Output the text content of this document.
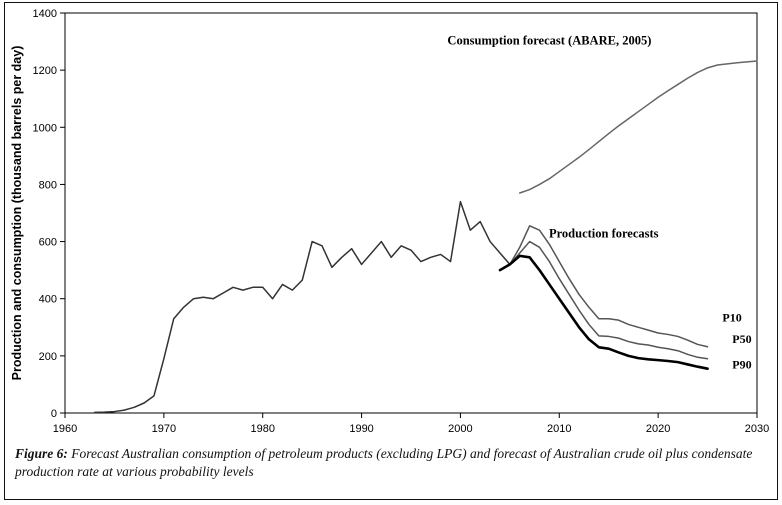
0
200
400
600
800
1000
1200
1400
1960	1970	1980	1990	2000	2010	2020	2030
Production and consumption (thousand barrels per day)
Consumption forecast (ABARE, 2005)
Production forecasts
P10
P50
P90
Figure 6: Forecast Australian consumption of petroleum products (excluding LPG) and forecast of Australian crude oil plus condensate production rate at various probability levels
